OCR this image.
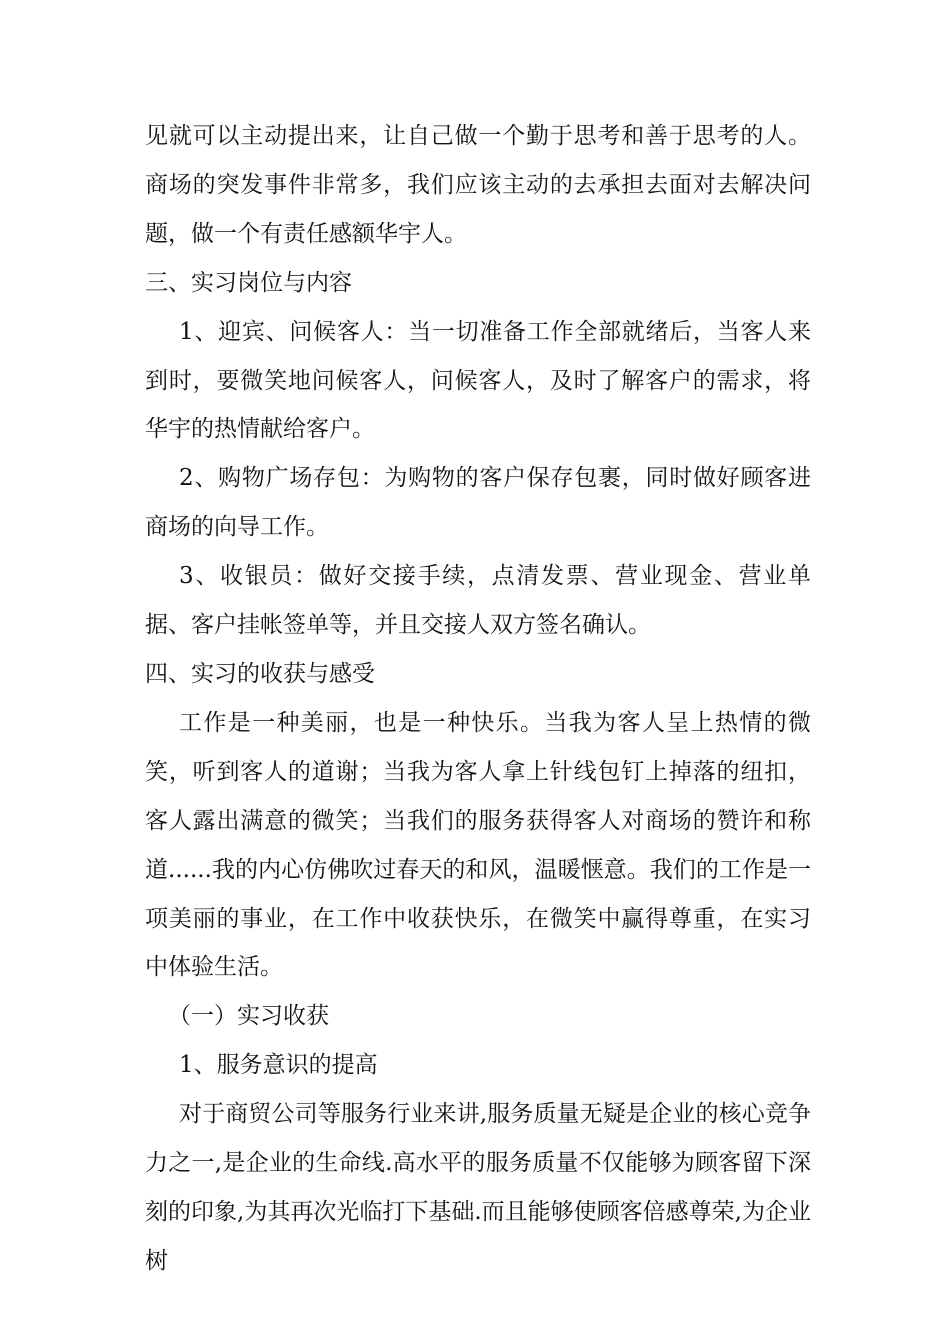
见就可以主动提出来，让自己做一个勤于思考和善于思考的人。商场的突发事件非常多，我们应该主动的去承担去面对去解决问题，做一个有责任感额华宇人。

三、实习岗位与内容

1、迎宾、问候客人：当一切准备工作全部就绪后，当客人来到时，要微笑地问候客人，问候客人，及时了解客户的需求，将华宇的热情献给客户。

2、购物广场存包：为购物的客户保存包裹，同时做好顾客进商场的向导工作。

3、收银员：做好交接手续，点清发票、营业现金、营业单据、客户挂帐签单等，并且交接人双方签名确认。

四、实习的收获与感受

工作是一种美丽，也是一种快乐。当我为客人呈上热情的微笑，听到客人的道谢；当我为客人拿上针线包钉上掉落的纽扣，客人露出满意的微笑；当我们的服务获得客人对商场的赞许和称道......我的内心仿佛吹过春天的和风，温暖惬意。我们的工作是一项美丽的事业，在工作中收获快乐，在微笑中赢得尊重，在实习中体验生活。

（一）实习收获

1、服务意识的提高

对于商贸公司等服务行业来讲,服务质量无疑是企业的核心竞争力之一,是企业的生命线.高水平的服务质量不仅能够为顾客留下深刻的印象,为其再次光临打下基础.而且能够使顾客倍感尊荣,为企业树
